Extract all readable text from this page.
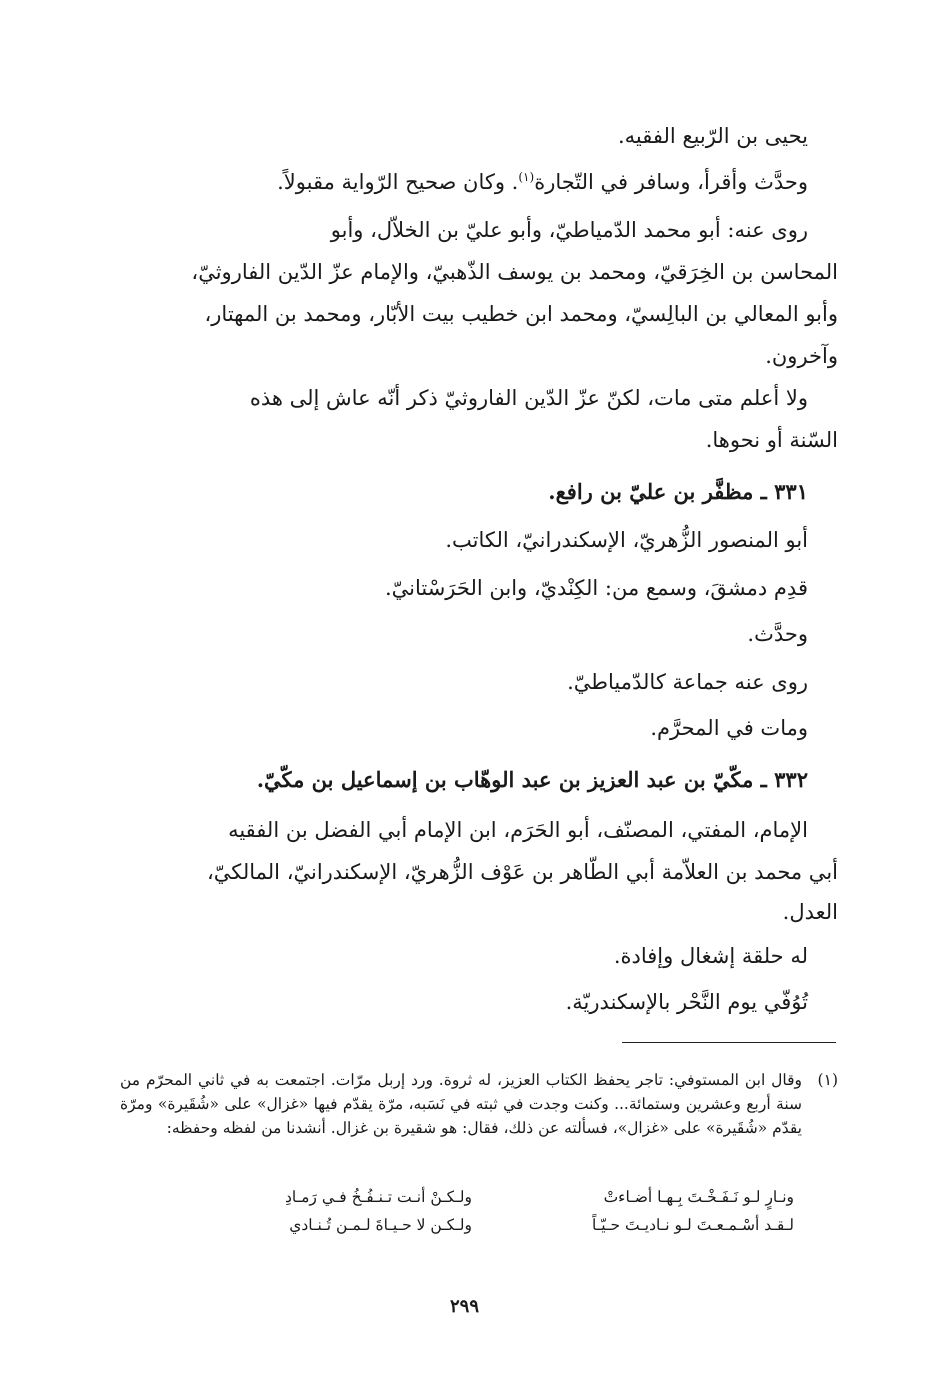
يحيى بن الرّبيع الفقيه.

وحدَّث وأقرأ، وسافر في التّجارة$^{(١)}$. وكان صحيح الرّواية مقبولاً.

روى عنه: أبو محمد الدّمياطيّ، وأبو عليّ بن الخلاّل، وأبو

المحاسن بن الخِرَقيّ، ومحمد بن يوسف الذّهبيّ، والإمام عزّ الدّين الفاروثيّ،

وأبو المعالي بن البالِسيّ، ومحمد ابن خطيب بيت الأبّار، ومحمد بن المهتار،

وآخرون.

ولا أعلم متى مات، لكنّ عزّ الدّين الفاروثيّ ذكر أنّه عاش إلى هذه

السّنة أو نحوها.

٣٣١ ـ مظفَّر بن عليّ بن رافع.

أبو المنصور الزُّهريّ، الإسكندرانيّ، الكاتب.

قدِم دمشقَ، وسمع من: الكِنْديّ، وابن الحَرَسْتانيّ.

وحدَّث.

روى عنه جماعة كالدّمياطيّ.

ومات في المحرَّم.

٣٣٢ ـ مكّيّ بن عبد العزيز بن عبد الوهّاب بن إسماعيل بن مكّيّ.

الإمام، المفتي، المصنّف، أبو الحَرَم، ابن الإمام أبي الفضل بن الفقيه

أبي محمد بن العلاّمة أبي الطّاهر بن عَوْف الزُّهريّ، الإسكندرانيّ، المالكيّ،

العدل.

له حلقة إشغال وإفادة.

تُوُفّي يوم النَّحْر بالإسكندريّة.

(١)

وقال ابن المستوفي: تاجر يحفظ الكتاب العزيز، له ثروة. ورد إربل مرّات. اجتمعت به في ثاني المحرّم من سنة أربع وعشرين وستمائة... وكنت وجدت في ثبته في نَسَبه، مرّة يقدّم فيها «غزال» على «شُقَيرة» ومرّة يقدّم «شُقَيرة» على «غزال»، فسألته عن ذلك، فقال: هو شقيرة بن غزال. أنشدنا من لفظه وحفظه:

ونـارٍ لـو نَـفَـخْـتَ بِـهـا أضـاءتْ
ولـكـنْ أنـت تـنـفُـخُ فـي رَمـادِ
لـقـد أسْـمـعـتَ لـو نـاديـتَ حـيّـاً
ولـكـن لا حـيـاةَ لـمـن تُـنـادي
٢٩٩
